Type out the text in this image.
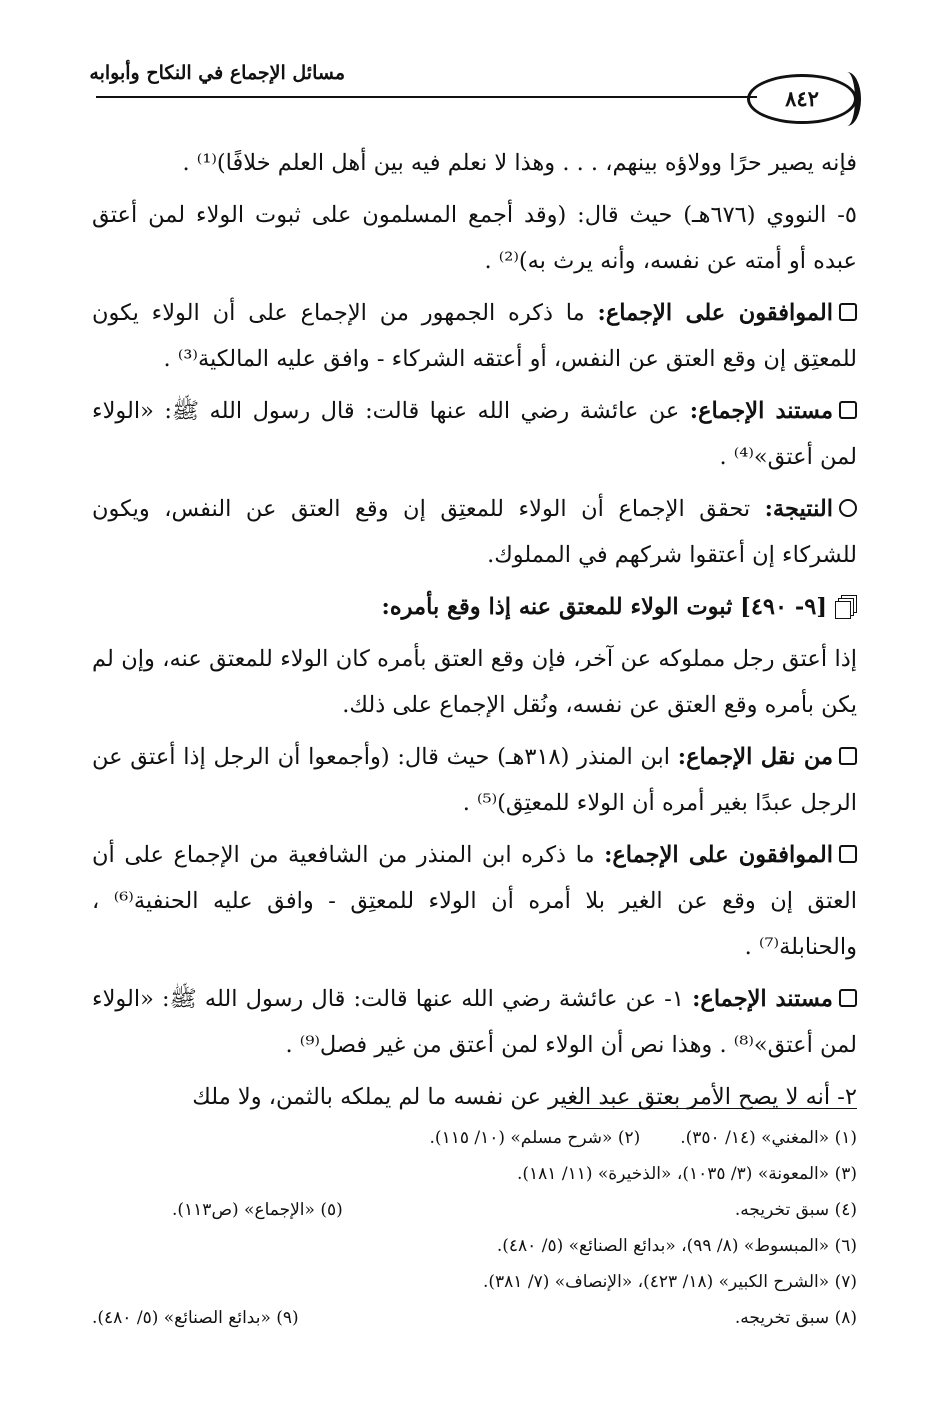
مسائل الإجماع في النكاح وأبوابه
٨٤٢

فإنه يصير حرًا وولاؤه بينهم، . . . وهذا لا نعلم فيه بين أهل العلم خلافًا)⁽¹⁾ .

٥- النووي (٦٧٦هـ) حيث قال: (وقد أجمع المسلمون على ثبوت الولاء لمن أعتق عبده أو أمته عن نفسه، وأنه يرث به)⁽²⁾ .

الموافقون على الإجماع: ما ذكره الجمهور من الإجماع على أن الولاء يكون للمعتِق إن وقع العتق عن النفس، أو أعتقه الشركاء - وافق عليه المالكية⁽³⁾ .

مستند الإجماع: عن عائشة رضي الله عنها قالت: قال رسول الله ﷺ: «الولاء لمن أعتق»⁽⁴⁾ .

النتيجة: تحقق الإجماع أن الولاء للمعتِق إن وقع العتق عن النفس، ويكون للشركاء إن أعتقوا شركهم في المملوك.

[٩- ٤٩٠] ثبوت الولاء للمعتق عنه إذا وقع بأمره:

إذا أعتق رجل مملوكه عن آخر، فإن وقع العتق بأمره كان الولاء للمعتق عنه، وإن لم يكن بأمره وقع العتق عن نفسه، ونُقل الإجماع على ذلك.

من نقل الإجماع: ابن المنذر (٣١٨هـ) حيث قال: (وأجمعوا أن الرجل إذا أعتق عن الرجل عبدًا بغير أمره أن الولاء للمعتِق)⁽⁵⁾ .

الموافقون على الإجماع: ما ذكره ابن المنذر من الشافعية من الإجماع على أن العتق إن وقع عن الغير بلا أمره أن الولاء للمعتِق - وافق عليه الحنفية⁽⁶⁾ ، والحنابلة⁽⁷⁾ .

مستند الإجماع: ١- عن عائشة رضي الله عنها قالت: قال رسول الله ﷺ: «الولاء لمن أعتق»⁽⁸⁾ . وهذا نص أن الولاء لمن أعتق من غير فصل⁽⁹⁾ .

٢- أنه لا يصح الأمر بعتق عبد الغير عن نفسه ما لم يملكه بالثمن، ولا ملك

(١) «المغني» (١٤/ ٣٥٠).
(٢) «شرح مسلم» (١٠/ ١١٥).
(٣) «المعونة» (٣/ ١٠٣٥)، «الذخيرة» (١١/ ١٨١).
(٤) سبق تخريجه.
(٥) «الإجماع» (ص١١٣).
(٦) «المبسوط» (٨/ ٩٩)، «بدائع الصنائع» (٥/ ٤٨٠).
(٧) «الشرح الكبير» (١٨/ ٤٢٣)، «الإنصاف» (٧/ ٣٨١).
(٨) سبق تخريجه.
(٩) «بدائع الصنائع» (٥/ ٤٨٠).
